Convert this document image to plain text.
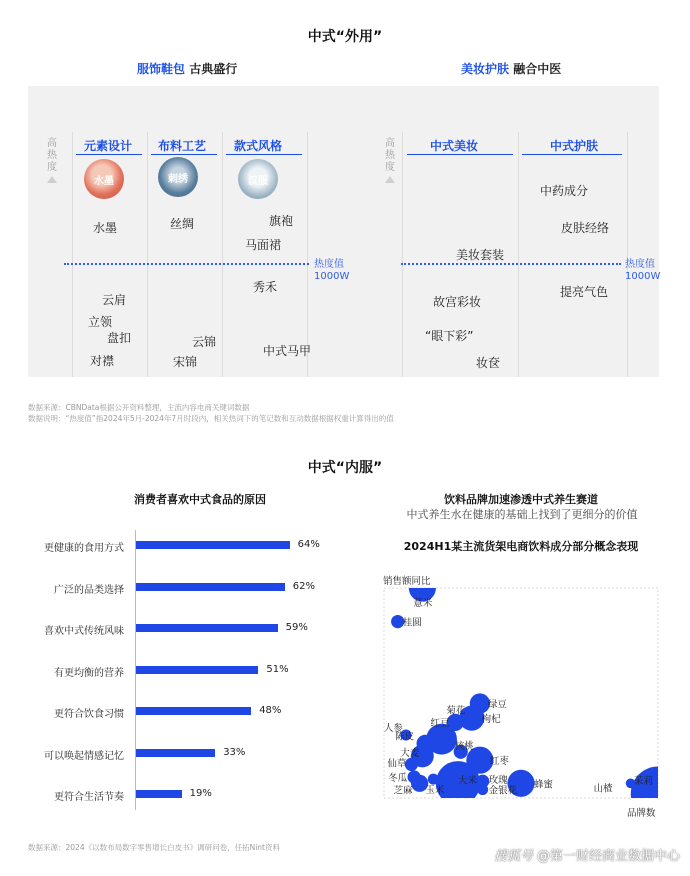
中式“外用”
服饰鞋包 古典盛行	美妆护肤 融合中医
高热度
高热度
元素设计 布料工艺 款式风格	中式美妆	中式护肤
水墨	刺绣	汉服
水墨
云肩
立领
盘扣
对襟
丝绸
云锦
宋锦
旗袍
马面裙
秀禾
中式马甲
美妆套装
故宫彩妆
“眼下彩”
妆奁
中药成分
皮肤经络
提亮气色
热度值
1000W
热度值
1000W
数据来源：CBNData根据公开资料整理，主流内容电商关键词数据
数据说明：“热度值”指2024年5月-2024年7月时段内，相关热词下的笔记数和互动数据根据权重计算得出的值
中式“内服”
消费者喜欢中式食品的原因
更健康的食用方式	64%
广泛的品类选择	62%
喜欢中式传统风味	59%
有更均衡的营养	51%
更符合饮食习惯	48%
可以唤起情感记忆	33%
更符合生活节奏	19%
饮料品牌加速渗透中式养生赛道
中式养生水在健康的基础上找到了更细分的价值
2024H1某主流货架电商饮料成分部分概念表现
销售额同比
品牌数
薏米
桂圆
绿豆
枸杞
菊花
红豆
陈皮
人参
大麦
核桃
红枣
仙草
冬瓜
芝麻 玉米
大米 玫瑰
金银花
蜂蜜	山楂
茉莉
数据来源：2024《以数布局数字零售增长白皮书》调研问卷，任拓Nint资料
搜狐号 @第一财经商业数据中心
